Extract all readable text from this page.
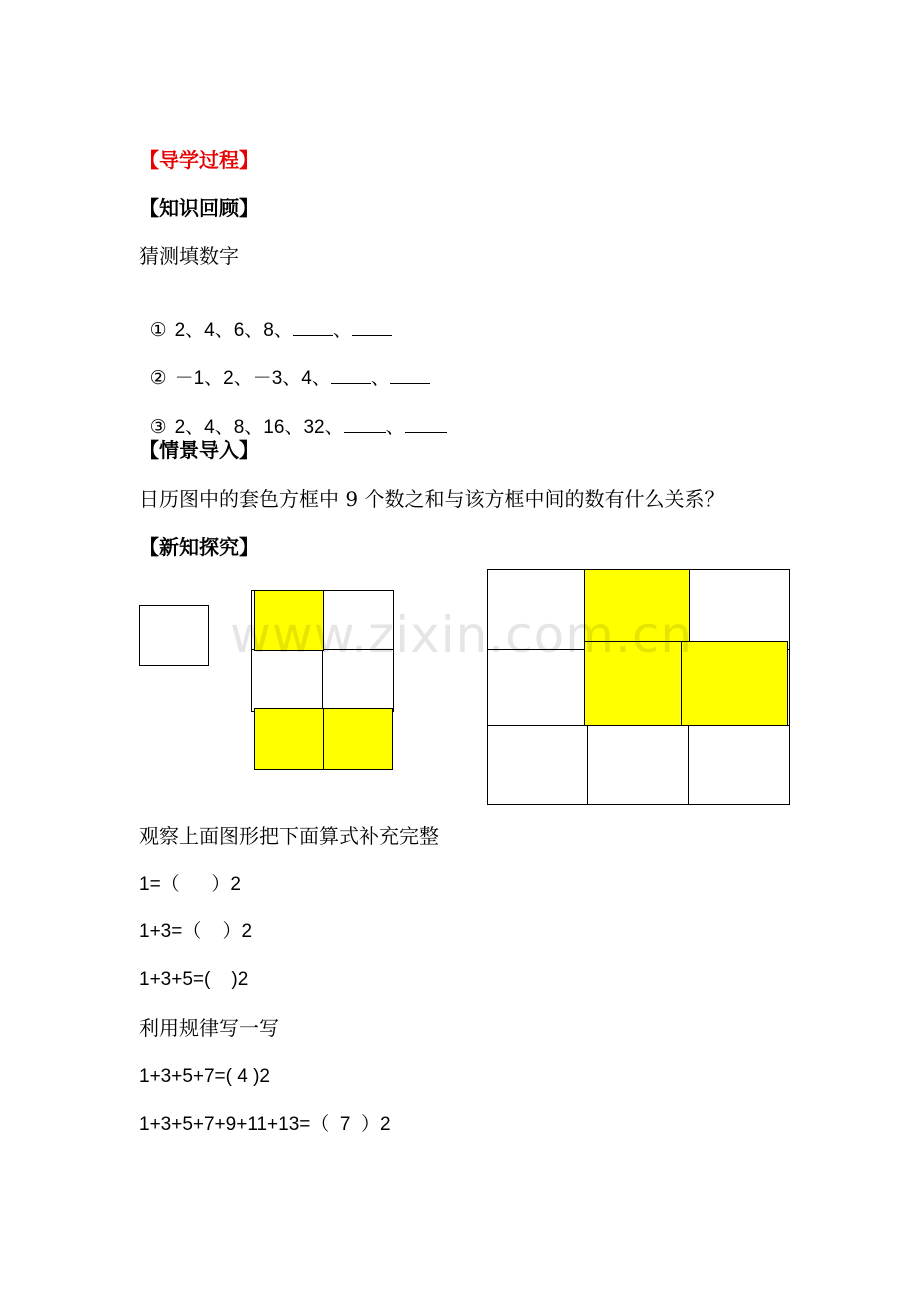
【导学过程】
【知识回顾】
猜测填数字

① 2、4、6、8、 、

② －1、2、－3、4、 、

③ 2、4、8、16、32、 、

【情景导入】
日历图中的套色方框中 9 个数之和与该方框中间的数有什么关系？
【新知探究】
www.zixin.com.cn
观察上面图形把下面算式补充完整
1=（      ）2
1+3=（    ）2
1+3+5=(    )2
利用规律写一写
1+3+5+7=( 4 )2
1+3+5+7+9+11+13=（  7  ）2
